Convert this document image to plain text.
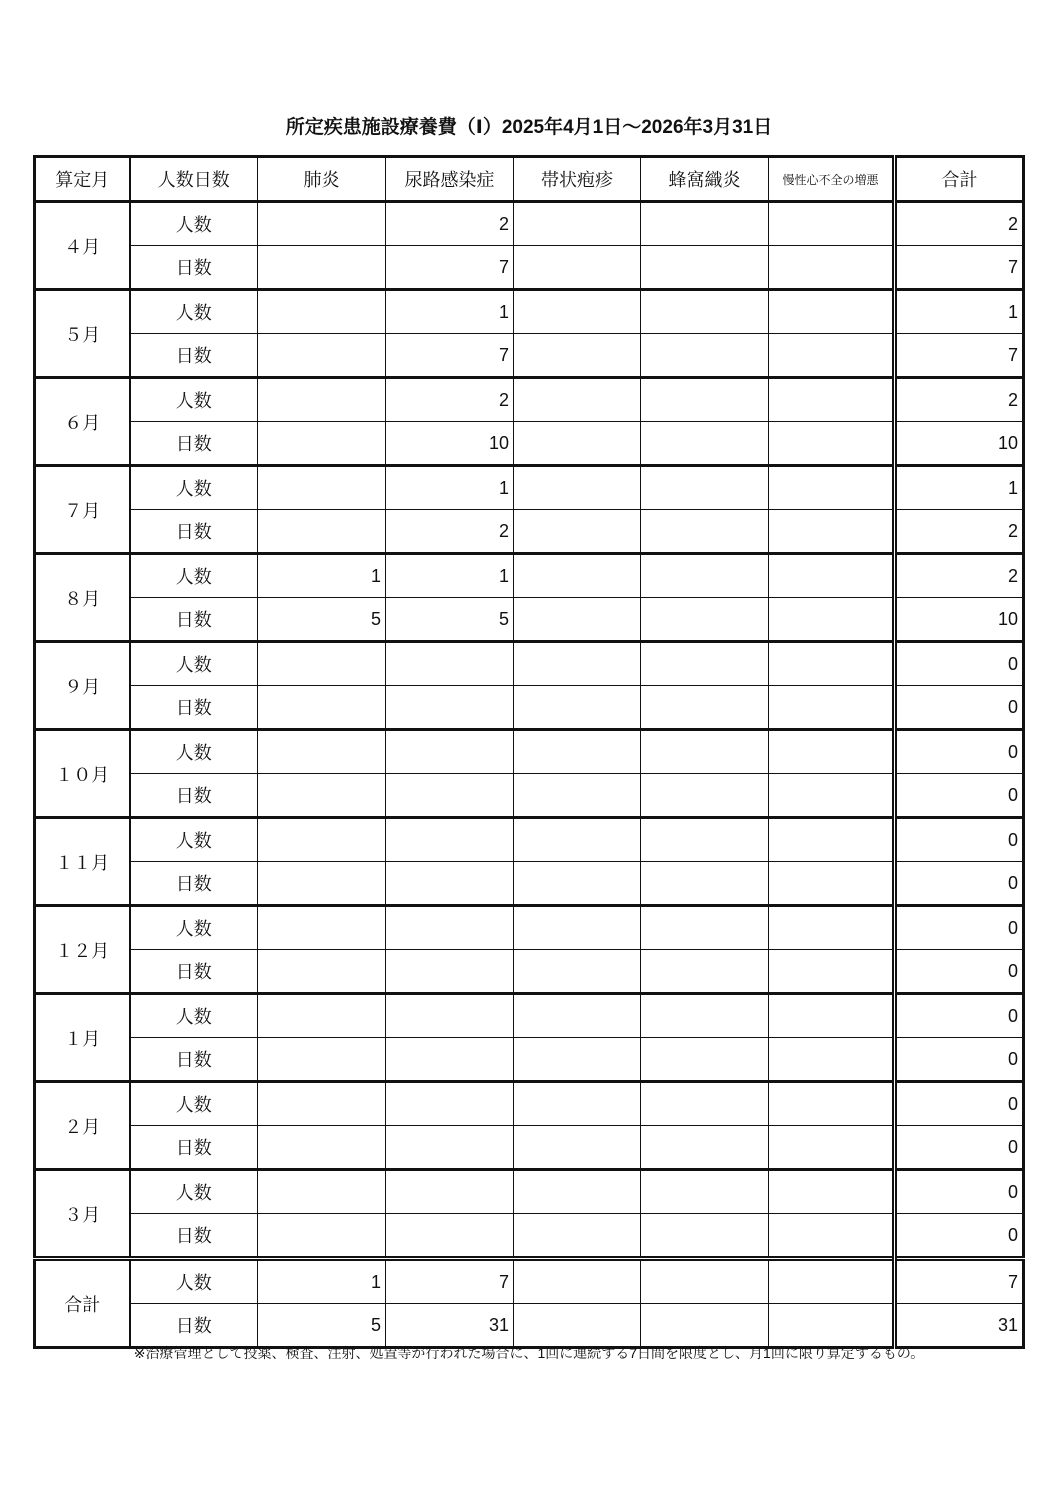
所定疾患施設療養費（Ⅰ）2025年4月1日～2026年3月31日
算定月	人数日数	肺炎	尿路感染症	帯状疱疹	蜂窩織炎	慢性心不全の増悪	合計
４月	人数		2				2
	日数		7				7
５月	人数		1				1
	日数		7				7
６月	人数		2				2
	日数		10				10
７月	人数		1				1
	日数		2				2
８月	人数	1	1				2
	日数	5	5				10
９月	人数						0
	日数						0
１０月	人数						0
	日数						0
１１月	人数						0
	日数						0
１２月	人数						0
	日数						0
１月	人数						0
	日数						0
２月	人数						0
	日数						0
３月	人数						0
	日数						0
合計	人数	1	7				7
	日数	5	31				31
※治療管理として投薬、検査、注射、処置等が行われた場合に、1回に連続する7日間を限度とし、月1回に限り算定するもの。
